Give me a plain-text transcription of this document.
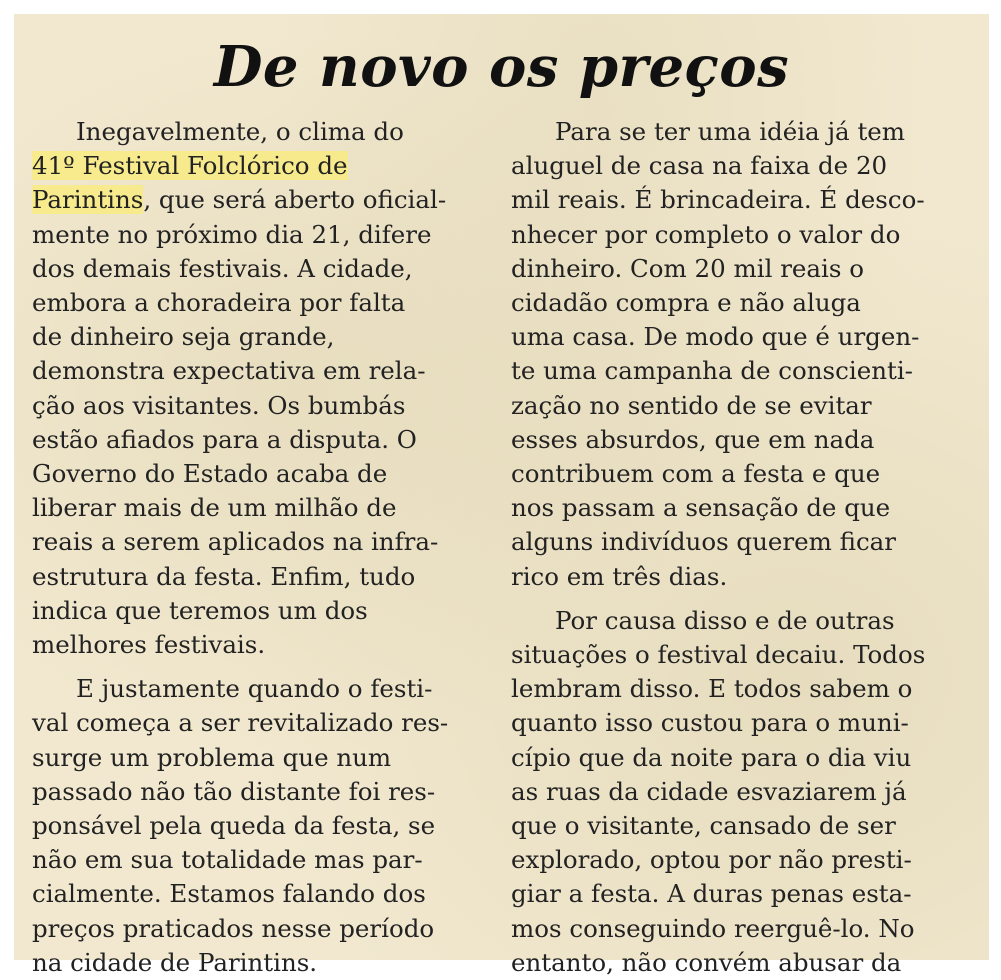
De novo os preços
Inegavelmente, o clima do
41º Festival Folclórico de
Parintins, que será aberto oficial-
mente no próximo dia 21, difere
dos demais festivais. A cidade,
embora a choradeira por falta
de dinheiro seja grande,
demonstra expectativa em rela-
ção aos visitantes. Os bumbás
estão afiados para a disputa. O
Governo do Estado acaba de
liberar mais de um milhão de
reais a serem aplicados na infra-
estrutura da festa. Enfim, tudo
indica que teremos um dos
melhores festivais.
E justamente quando o festi-
val começa a ser revitalizado res-
surge um problema que num
passado não tão distante foi res-
ponsável pela queda da festa, se
não em sua totalidade mas par-
cialmente. Estamos falando dos
preços praticados nesse período
na cidade de Parintins.
Para se ter uma idéia já tem
aluguel de casa na faixa de 20
mil reais. É brincadeira. É desco-
nhecer por completo o valor do
dinheiro. Com 20 mil reais o
cidadão compra e não aluga
uma casa. De modo que é urgen-
te uma campanha de conscienti-
zação no sentido de se evitar
esses absurdos, que em nada
contribuem com a festa e que
nos passam a sensação de que
alguns indivíduos querem ficar
rico em três dias.
Por causa disso e de outras
situações o festival decaiu. Todos
lembram disso. E todos sabem o
quanto isso custou para o muni-
cípio que da noite para o dia viu
as ruas da cidade esvaziarem já
que o visitante, cansado de ser
explorado, optou por não presti-
giar a festa. A duras penas esta-
mos conseguindo reerguê-lo. No
entanto, não convém abusar da
